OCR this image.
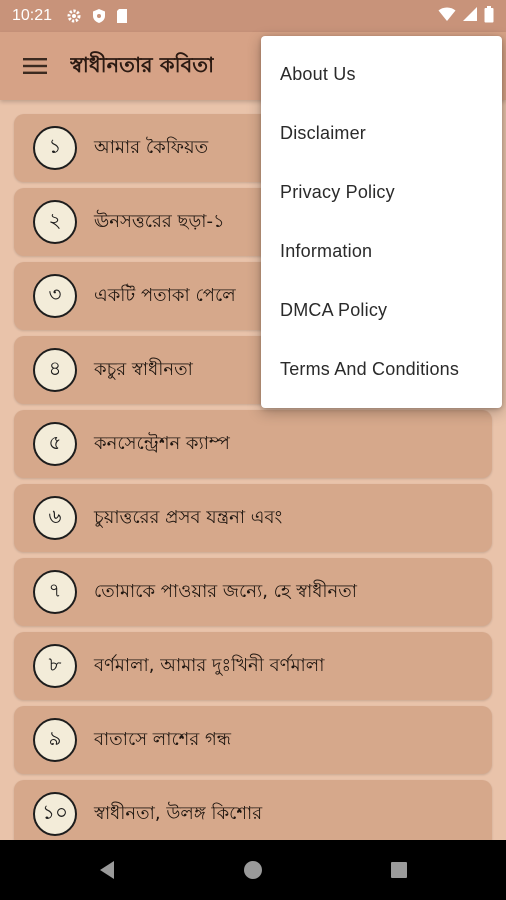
10:21
স্বাধীনতার কবিতা
১	আমার কৈফিয়ত
২	ঊনসত্তরের ছড়া-১
৩	একটি পতাকা পেলে
৪	কচুর স্বাধীনতা
৫	কনসেন্ট্রেশন ক্যাম্প
৬	চুয়াত্তরের প্রসব যন্ত্রনা এবং
৭	তোমাকে পাওয়ার জন্যে, হে স্বাধীনতা
৮	বর্ণমালা, আমার দুঃখিনী বর্ণমালা
৯	বাতাসে লাশের গন্ধ
১০	স্বাধীনতা, উলঙ্গ কিশোর
About Us
Disclaimer
Privacy Policy
Information
DMCA Policy
Terms And Conditions
